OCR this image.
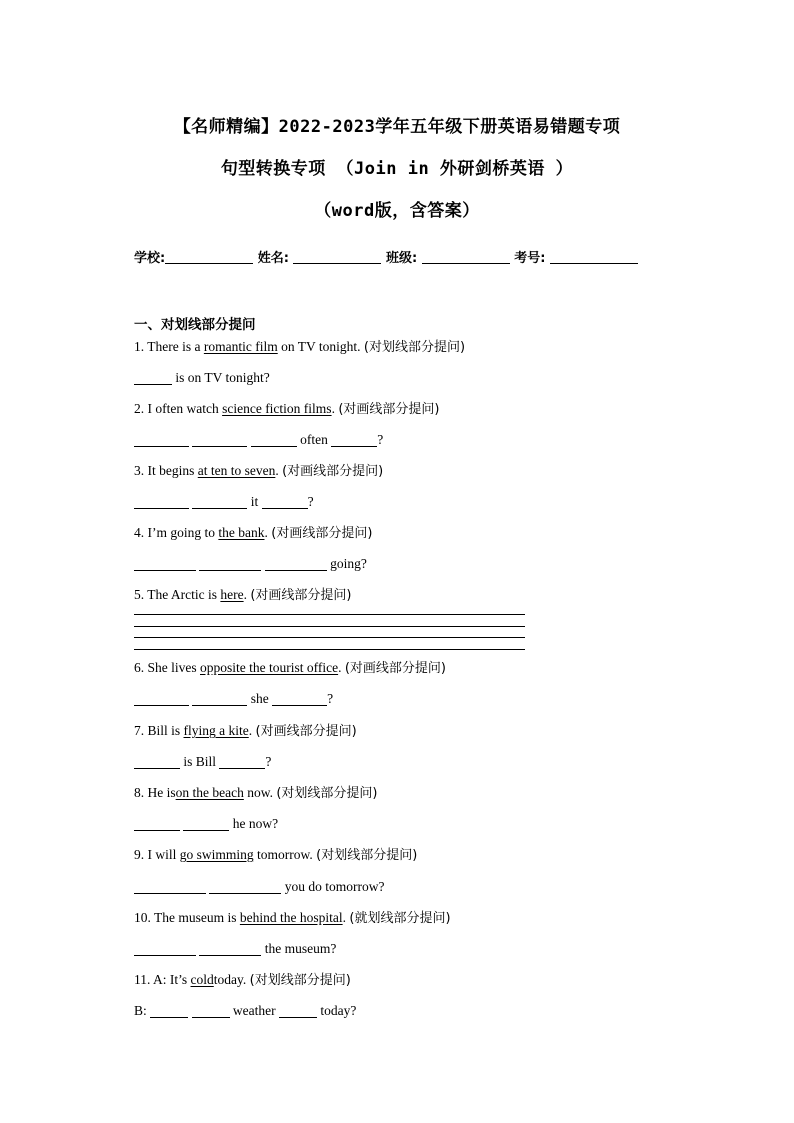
【名师精编】2022-2023学年五年级下册英语易错题专项
句型转换专项 （Join in 外研剑桥英语 ）
（word版，含答案）
学校:	姓名:	班级:	考号:
一、对划线部分提问
1. There is a romantic film on TV tonight. (对划线部分提问)
is on TV tonight?
2. I often watch science fiction films. (对画线部分提问)
often	?
3. It begins at ten to seven. (对画线部分提问)
it	?
4. I’m going to the bank. (对画线部分提问)
going?
5. The Arctic is here. (对画线部分提问)
6. She lives opposite the tourist office. (对画线部分提问)
she	?
7. Bill is flying a kite. (对画线部分提问)
is Bill	?
8. He ison the beach now. (对划线部分提问)
he now?
9. I will go swimming tomorrow. (对划线部分提问)
you do tomorrow?
10. The museum is behind the hospital. (就划线部分提问)
the museum?
11. A: It’s coldtoday. (对划线部分提问)
B:	weather	today?
